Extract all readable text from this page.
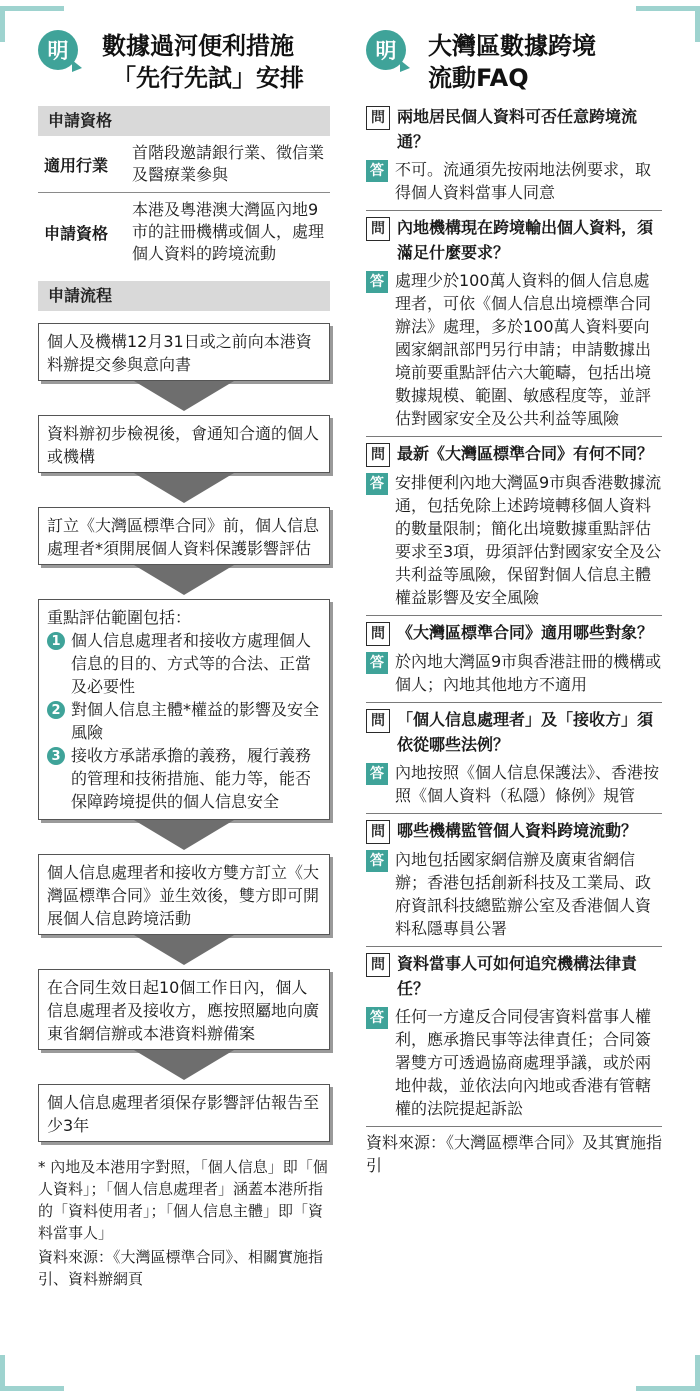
明 數據過河便利措施
「先行先試」安排
申請資格
適用行業
首階段邀請銀行業、徵信業及醫療業參與
申請資格
本港及粵港澳大灣區內地9市的註冊機構或個人，處理個人資料的跨境流動
申請流程
個人及機構12月31日或之前向本港資料辦提交參與意向書
資料辦初步檢視後，會通知合適的個人或機構
訂立《大灣區標準合同》前，個人信息處理者*須開展個人資料保護影響評估
重點評估範圍包括：
1 個人信息處理者和接收方處理個人信息的目的、方式等的合法、正當及必要性
2 對個人信息主體*權益的影響及安全風險
3 接收方承諾承擔的義務，履行義務的管理和技術措施、能力等，能否保障跨境提供的個人信息安全
個人信息處理者和接收方雙方訂立《大灣區標準合同》並生效後，雙方即可開展個人信息跨境活動
在合同生效日起10個工作日內，個人信息處理者及接收方，應按照屬地向廣東省網信辦或本港資料辦備案
個人信息處理者須保存影響評估報告至少3年
* 內地及本港用字對照，「個人信息」即「個人資料」；「個人信息處理者」涵蓋本港所指的「資料使用者」；「個人信息主體」即「資料當事人」
資料來源：《大灣區標準合同》、相關實施指引、資料辦網頁
明 大灣區數據跨境
流動FAQ
問 兩地居民個人資料可否任意跨境流通？
答 不可。流通須先按兩地法例要求，取得個人資料當事人同意
問 內地機構現在跨境輸出個人資料，須滿足什麼要求？
答 處理少於100萬人資料的個人信息處理者，可依《個人信息出境標準合同辦法》處理，多於100萬人資料要向國家網訊部門另行申請；申請數據出境前要重點評估六大範疇，包括出境數據規模、範圍、敏感程度等，並評估對國家安全及公共利益等風險
問 最新《大灣區標準合同》有何不同？
答 安排便利內地大灣區9市與香港數據流通，包括免除上述跨境轉移個人資料的數量限制；簡化出境數據重點評估要求至3項，毋須評估對國家安全及公共利益等風險，保留對個人信息主體權益影響及安全風險
問 《大灣區標準合同》適用哪些對象？
答 於內地大灣區9市與香港註冊的機構或個人；內地其他地方不適用
問 「個人信息處理者」及「接收方」須依從哪些法例？
答 內地按照《個人信息保護法》、香港按照《個人資料（私隱）條例》規管
問 哪些機構監管個人資料跨境流動？
答 內地包括國家網信辦及廣東省網信辦；香港包括創新科技及工業局、政府資訊科技總監辦公室及香港個人資料私隱專員公署
問 資料當事人可如何追究機構法律責任？
答 任何一方違反合同侵害資料當事人權利，應承擔民事等法律責任；合同簽署雙方可透過協商處理爭議，或於兩地仲裁，並依法向內地或香港有管轄權的法院提起訴訟
資料來源：《大灣區標準合同》及其實施指引
